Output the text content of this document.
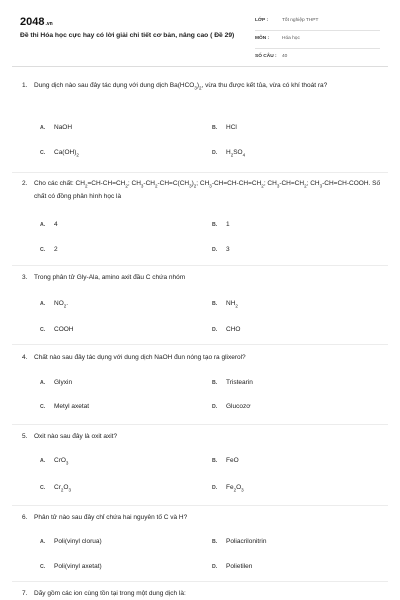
2048.vn
Đề thi Hóa học cực hay có lời giải chi tiết cơ bản, nâng cao ( Đề 29)
LỚP :	Tốt nghiệp THPT
MÔN :	Hóa học
SỐ CÂU : 40
1. Dung dịch nào sau đây tác dụng với dung dịch $Ba(HCO_3)_2$, vừa thu được kết tủa, vừa có khí thoát ra?
A. NaOH	B. HCl
C. $Ca(OH)_2$	D. $H_2SO_4$
2. Cho các chất: $CH_2=CH-CH=CH_2$; $CH_3-CH_2-CH=C(CH_3)_2$; $CH_3-CH=CH-CH=CH_2$; $CH_3-CH=CH_2$; $CH_3-CH=CH$-COOH. Số chất có đồng phân hình học là
A. 4	B. 1
C. 2	D. 3
3. Trong phân tử Gly-Ala, amino axit đầu C chứa nhóm
A. $NO_2$.	B. $NH_2$
C. COOH	D. CHO
4. Chất nào sau đây tác dụng với dung dịch NaOH đun nóng tạo ra glixerol?
A. Glyxin	B. Tristearin
C. Metyl axetat	D. Glucozơ
5. Oxit nào sau đây là oxit axit?
A. CrO$_3$	B. FeO
C. $Cr_2O_3$	D. $Fe_2O_3$
6. Phân tử nào sau đây chỉ chứa hai nguyên tố C và H?
A. Poli(vinyl clorua)	B. Poliacrilonitrin
C. Poli(vinyl axetat)	D. Polietilen
7. Dãy gồm các ion cùng tồn tại trong một dung dịch là:
